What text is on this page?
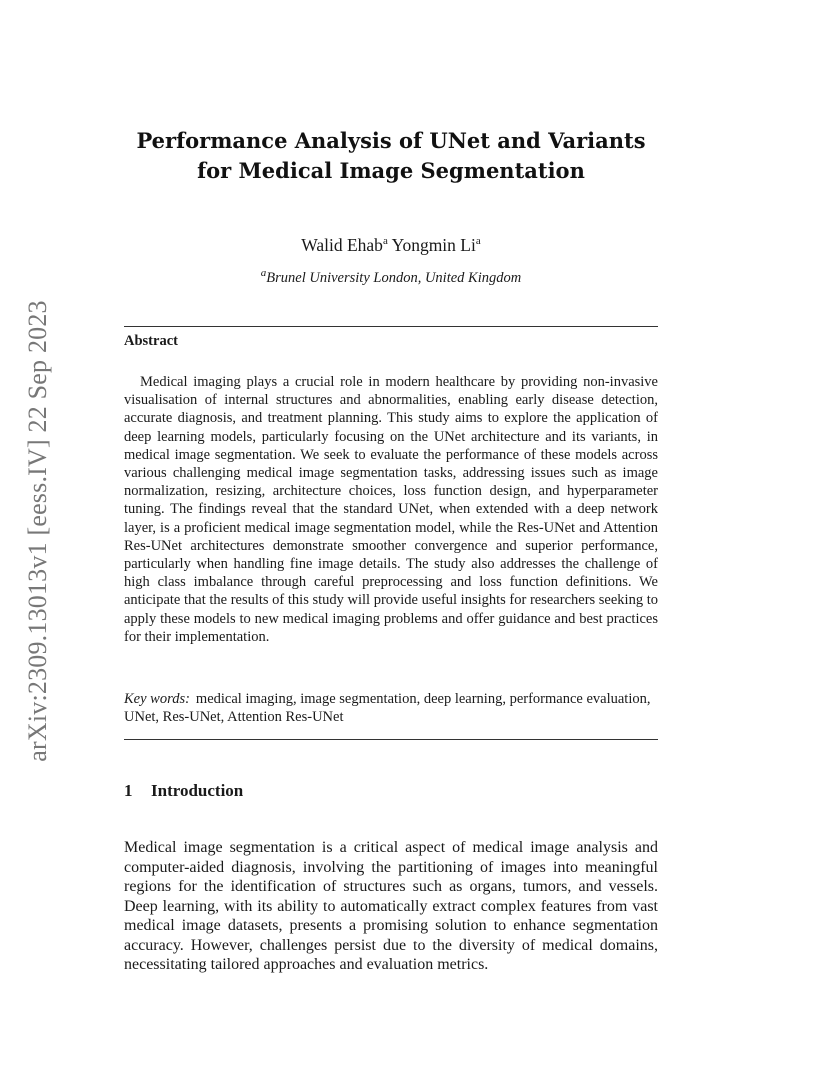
arXiv:2309.13013v1 [eess.IV] 22 Sep 2023
Performance Analysis of UNet and Variants
for Medical Image Segmentation
Walid Ehab$^a$ Yongmin Li$^a$
$^a$Brunel University London, United Kingdom
Abstract

Medical imaging plays a crucial role in modern healthcare by providing non-invasive visualisation of internal structures and abnormalities, enabling early disease detection, accurate diagnosis, and treatment planning. This study aims to explore the application of deep learning models, particularly focusing on the UNet architecture and its variants, in medical image segmentation. We seek to evaluate the performance of these models across various challenging medical image segmentation tasks, addressing issues such as image normalization, resizing, architecture choices, loss function design, and hyperparameter tuning. The findings reveal that the standard UNet, when extended with a deep network layer, is a proficient medical image segmentation model, while the Res-UNet and Attention Res-UNet architectures demonstrate smoother convergence and superior performance, particularly when handling fine image details. The study also addresses the challenge of high class imbalance through careful preprocessing and loss function definitions. We anticipate that the results of this study will provide useful insights for researchers seeking to apply these models to new medical imaging problems and offer guidance and best practices for their implementation.

Key words: medical imaging, image segmentation, deep learning, performance evaluation, UNet, Res-UNet, Attention Res-UNet

1 Introduction

Medical image segmentation is a critical aspect of medical image analysis and computer-aided diagnosis, involving the partitioning of images into meaningful regions for the identification of structures such as organs, tumors, and vessels. Deep learning, with its ability to automatically extract complex features from vast medical image datasets, presents a promising solution to enhance segmentation accuracy. However, challenges persist due to the diversity of medical domains, necessitating tailored approaches and evaluation metrics.
